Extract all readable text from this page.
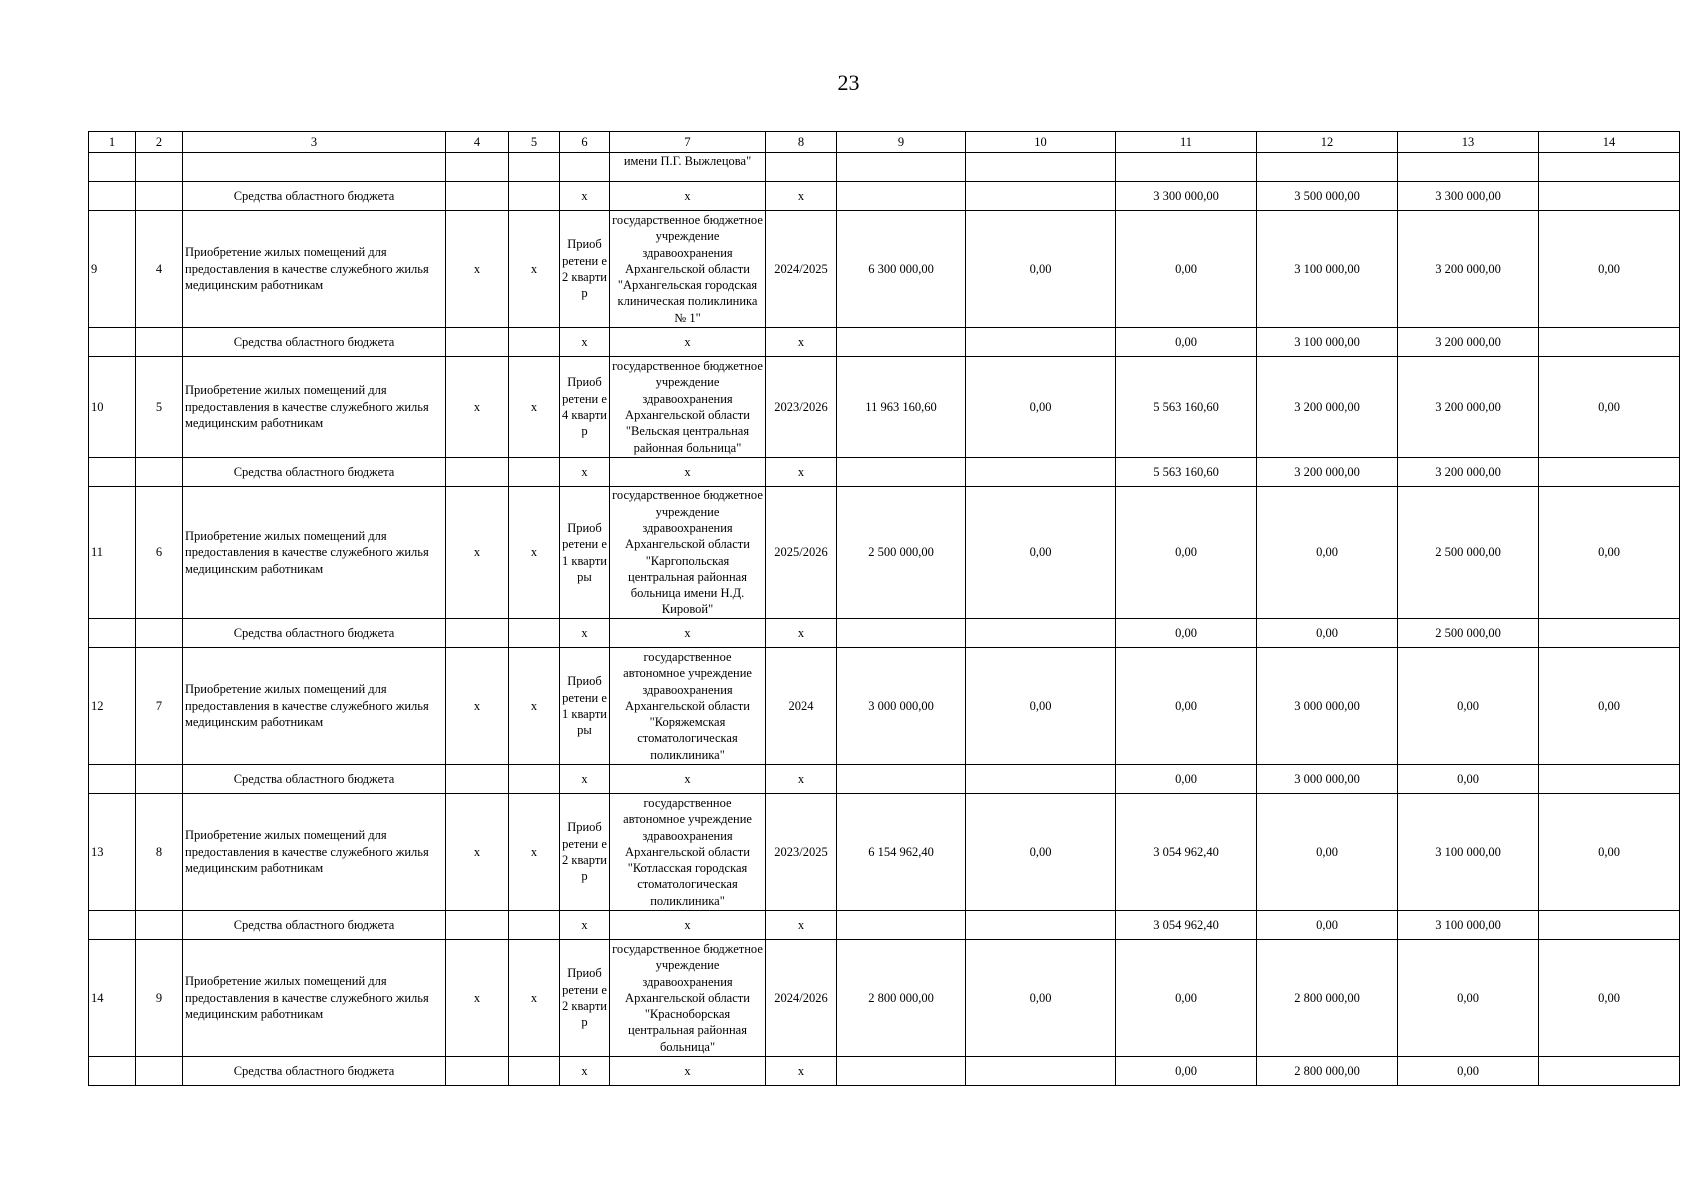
23
1	2	3	4	5	6	7	8	9	10	11	12	13	14
						имени П.Г. Выжлецова"							
		Средства областного бюджета			х	х	х			3 300 000,00	3 500 000,00	3 300 000,00	
9	4	Приобретение жилых помещений для предоставления в качестве служебного жилья медицинским работникам	х	х	Приоб ретени е 2 кварти р	государственное бюджетное учреждение здравоохранения Архангельской области "Архангельская городская клиническая поликлиника № 1"	2024/2025	6 300 000,00	0,00	0,00	3 100 000,00	3 200 000,00	0,00
		Средства областного бюджета			х	х	х			0,00	3 100 000,00	3 200 000,00	
10	5	Приобретение жилых помещений для предоставления в качестве служебного жилья медицинским работникам	х	х	Приоб ретени е 4 кварти р	государственное бюджетное учреждение здравоохранения Архангельской области "Вельская центральная районная больница"	2023/2026	11 963 160,60	0,00	5 563 160,60	3 200 000,00	3 200 000,00	0,00
		Средства областного бюджета			х	х	х			5 563 160,60	3 200 000,00	3 200 000,00	
11	6	Приобретение жилых помещений для предоставления в качестве служебного жилья медицинским работникам	х	х	Приоб ретени е 1 кварти ры	государственное бюджетное учреждение здравоохранения Архангельской области "Каргопольская центральная районная больница имени Н.Д. Кировой"	2025/2026	2 500 000,00	0,00	0,00	0,00	2 500 000,00	0,00
		Средства областного бюджета			х	х	х			0,00	0,00	2 500 000,00	
12	7	Приобретение жилых помещений для предоставления в качестве служебного жилья медицинским работникам	х	х	Приоб ретени е 1 кварти ры	государственное автономное учреждение здравоохранения Архангельской области "Коряжемская стоматологическая поликлиника"	2024	3 000 000,00	0,00	0,00	3 000 000,00	0,00	0,00
		Средства областного бюджета			х	х	х			0,00	3 000 000,00	0,00	
13	8	Приобретение жилых помещений для предоставления в качестве служебного жилья медицинским работникам	х	х	Приоб ретени е 2 кварти р	государственное автономное учреждение здравоохранения Архангельской области "Котласская городская стоматологическая поликлиника"	2023/2025	6 154 962,40	0,00	3 054 962,40	0,00	3 100 000,00	0,00
		Средства областного бюджета			х	х	х			3 054 962,40	0,00	3 100 000,00	
14	9	Приобретение жилых помещений для предоставления в качестве служебного жилья медицинским работникам	х	х	Приоб ретени е 2 кварти р	государственное бюджетное учреждение здравоохранения Архангельской области "Красноборская центральная районная больница"	2024/2026	2 800 000,00	0,00	0,00	2 800 000,00	0,00	0,00
		Средства областного бюджета			х	х	х			0,00	2 800 000,00	0,00	
